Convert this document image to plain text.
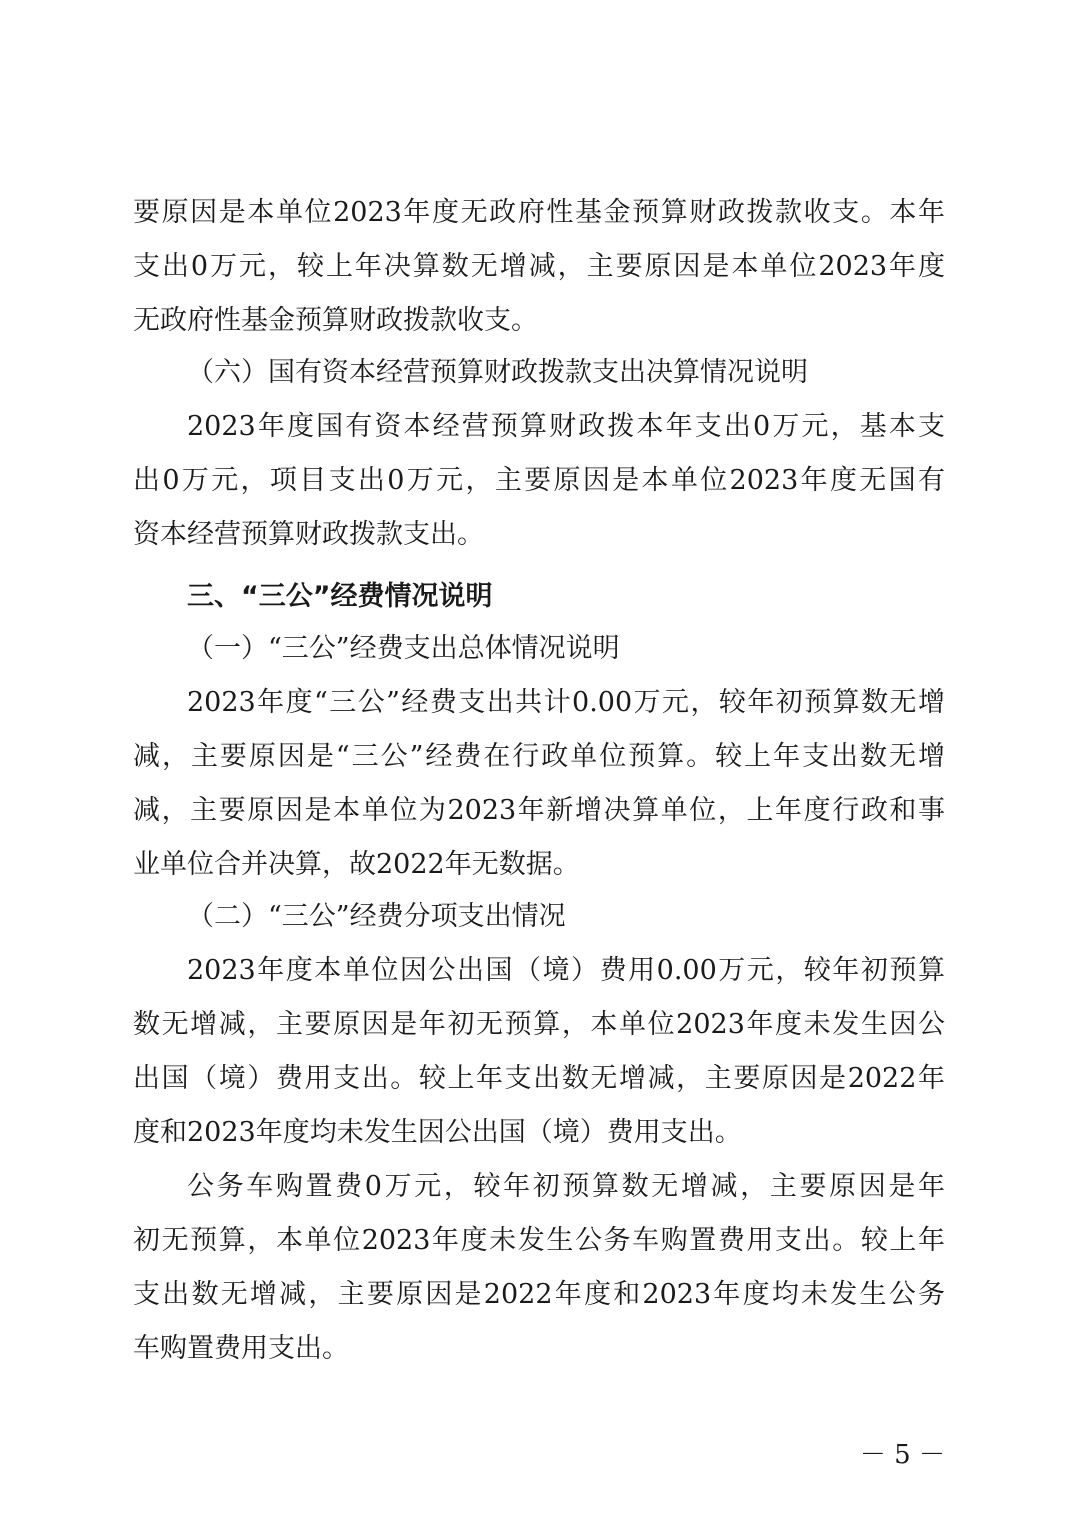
要原因是本单位2023年度无政府性基金预算财政拨款收支。本年
支出0万元，较上年决算数无增减，主要原因是本单位2023年度
无政府性基金预算财政拨款收支。
（六）国有资本经营预算财政拨款支出决算情况说明
2023年度国有资本经营预算财政拨本年支出0万元，基本支
出0万元，项目支出0万元，主要原因是本单位2023年度无国有
资本经营预算财政拨款支出。
三、“三公”经费情况说明
（一）“三公”经费支出总体情况说明
2023年度“三公”经费支出共计0.00万元，较年初预算数无增
减，主要原因是“三公”经费在行政单位预算。较上年支出数无增
减，主要原因是本单位为2023年新增决算单位，上年度行政和事
业单位合并决算，故2022年无数据。
（二）“三公”经费分项支出情况
2023年度本单位因公出国（境）费用0.00万元，较年初预算
数无增减，主要原因是年初无预算，本单位2023年度未发生因公
出国（境）费用支出。较上年支出数无增减，主要原因是2022年
度和2023年度均未发生因公出国（境）费用支出。
公务车购置费0万元，较年初预算数无增减，主要原因是年
初无预算，本单位2023年度未发生公务车购置费用支出。较上年
支出数无增减，主要原因是2022年度和2023年度均未发生公务
车购置费用支出。
－ 5 －
